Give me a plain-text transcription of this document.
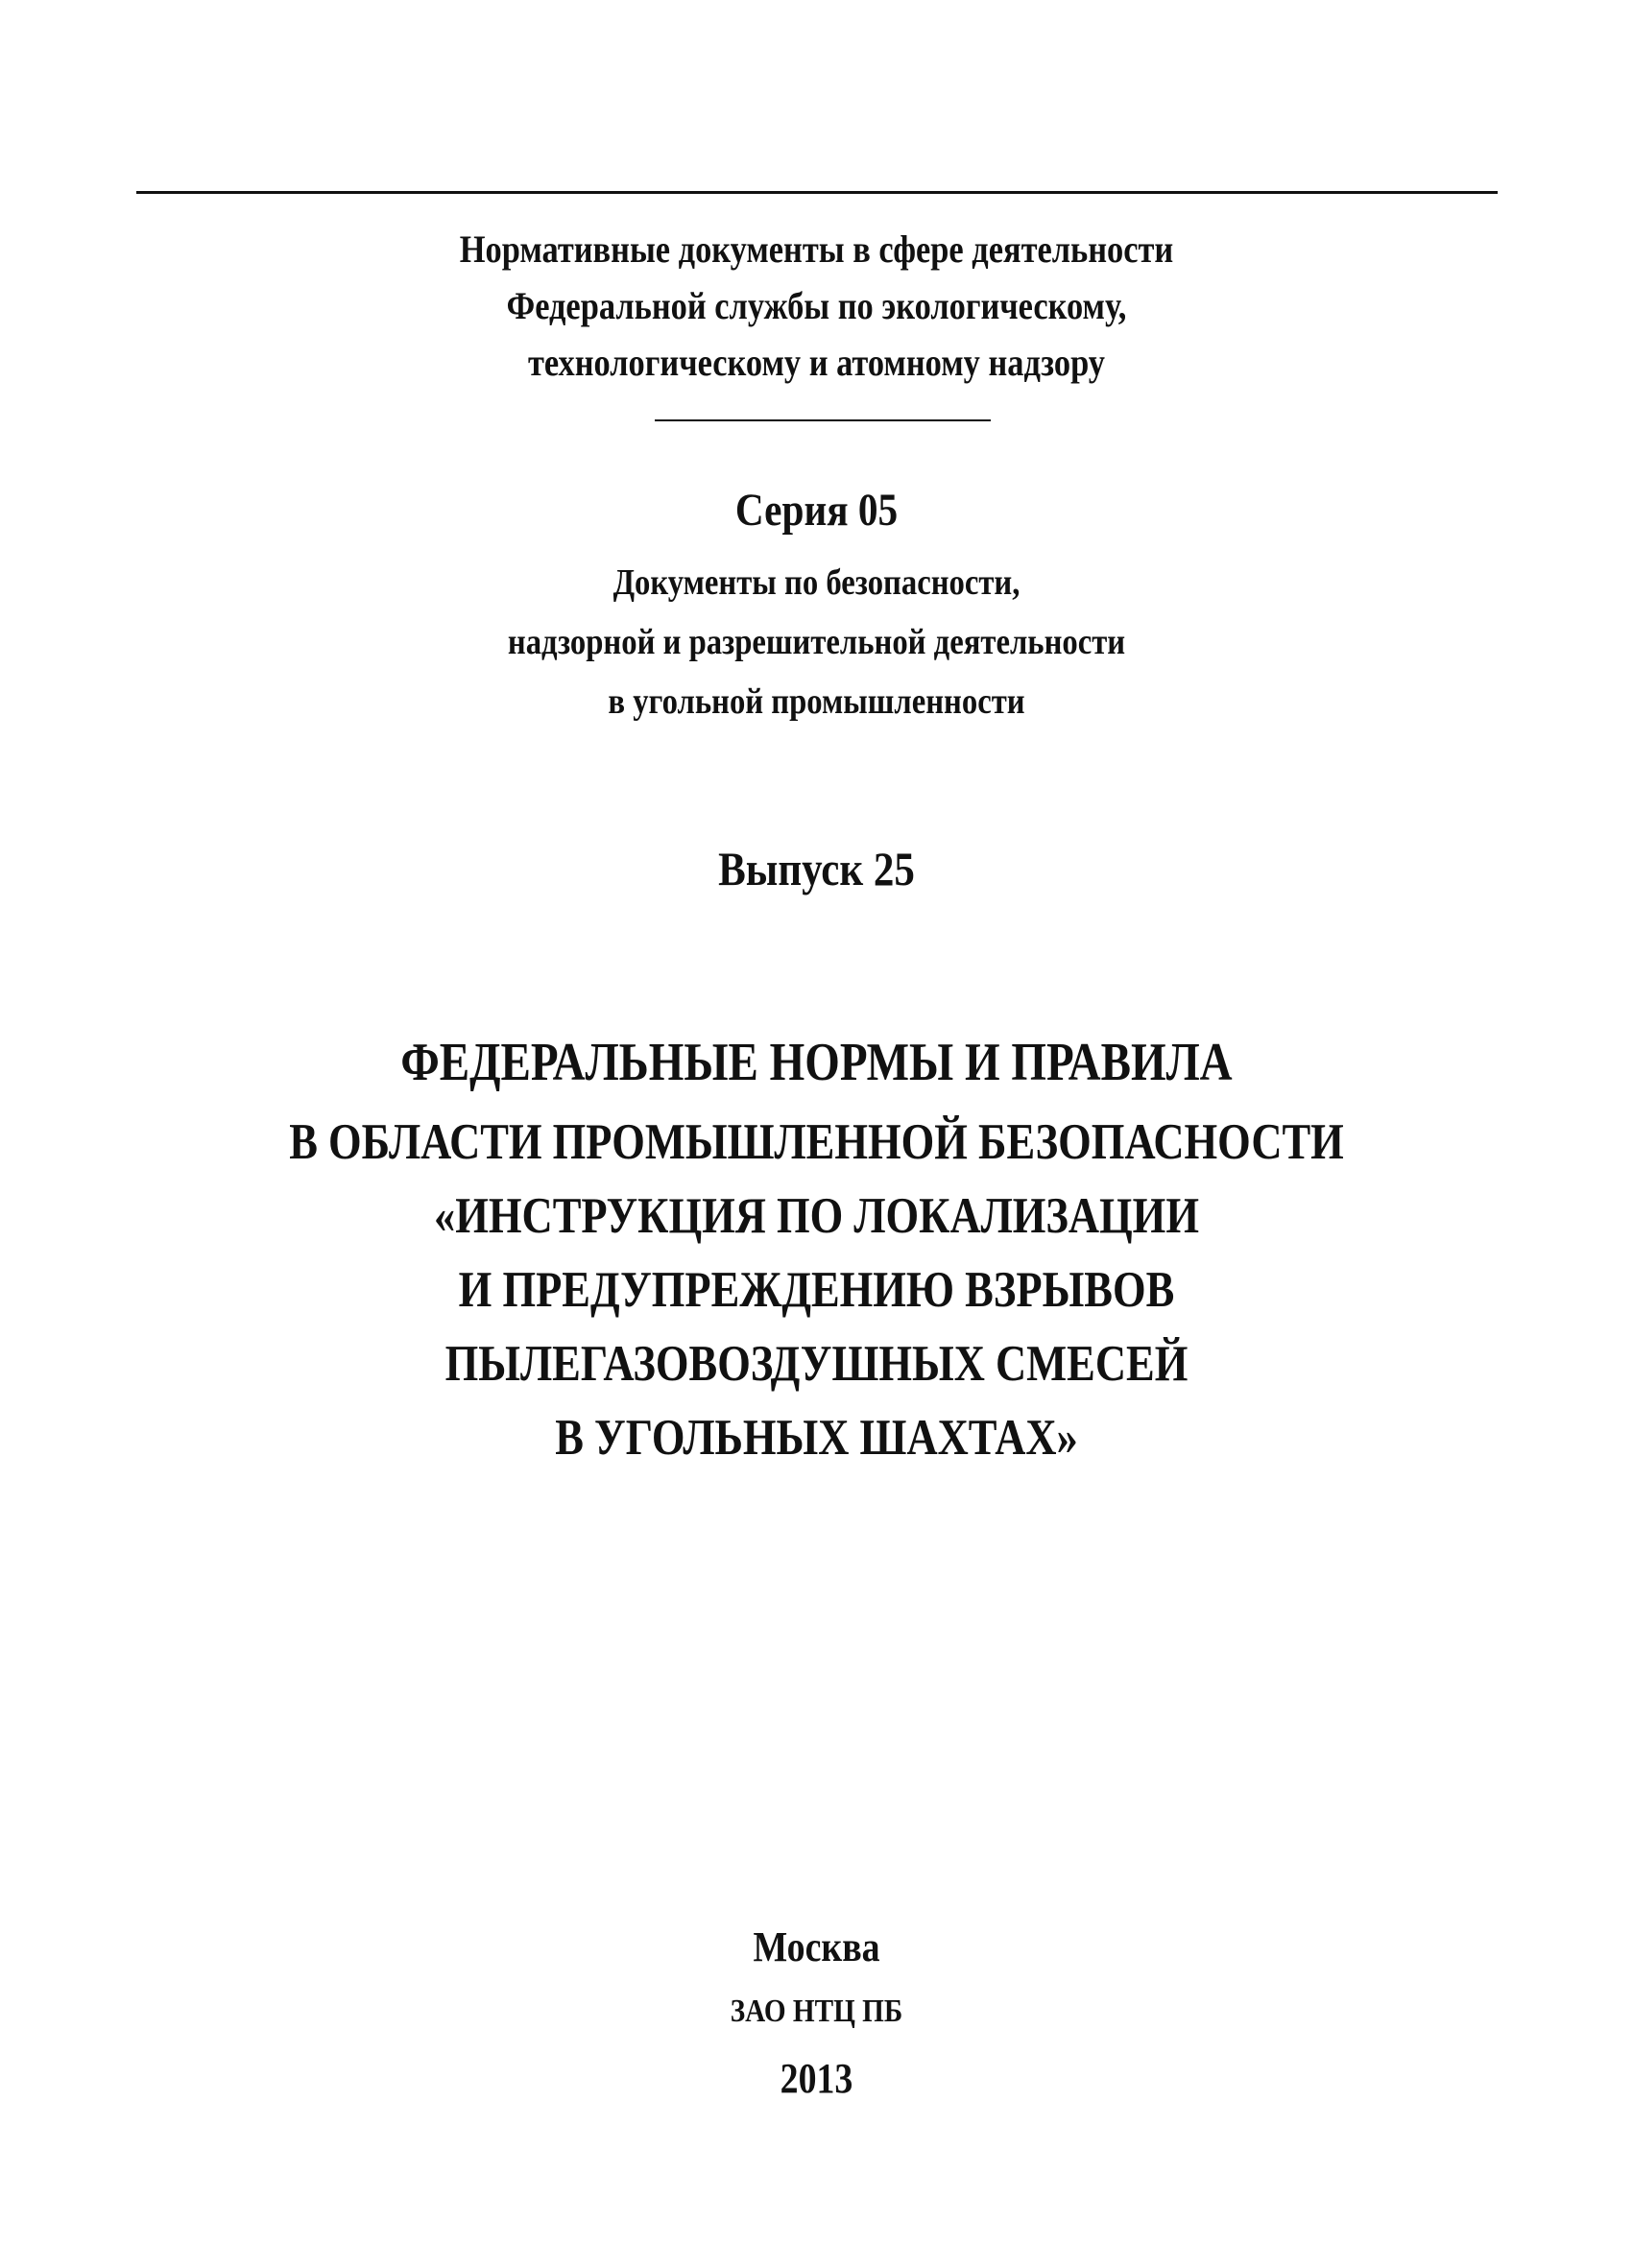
Нормативные документы в сфере деятельности
Федеральной службы по экологическому,
технологическому и атомному надзору
Серия 05
Документы по безопасности,
надзорной и разрешительной деятельности
в угольной промышленности
Выпуск 25
ФЕДЕРАЛЬНЫЕ НОРМЫ И ПРАВИЛА
В ОБЛАСТИ ПРОМЫШЛЕННОЙ БЕЗОПАСНОСТИ
«ИНСТРУКЦИЯ ПО ЛОКАЛИЗАЦИИ
И ПРЕДУПРЕЖДЕНИЮ ВЗРЫВОВ
ПЫЛЕГАЗОВОЗДУШНЫХ СМЕСЕЙ
В УГОЛЬНЫХ ШАХТАХ»
Москва
ЗАО НТЦ ПБ
2013
